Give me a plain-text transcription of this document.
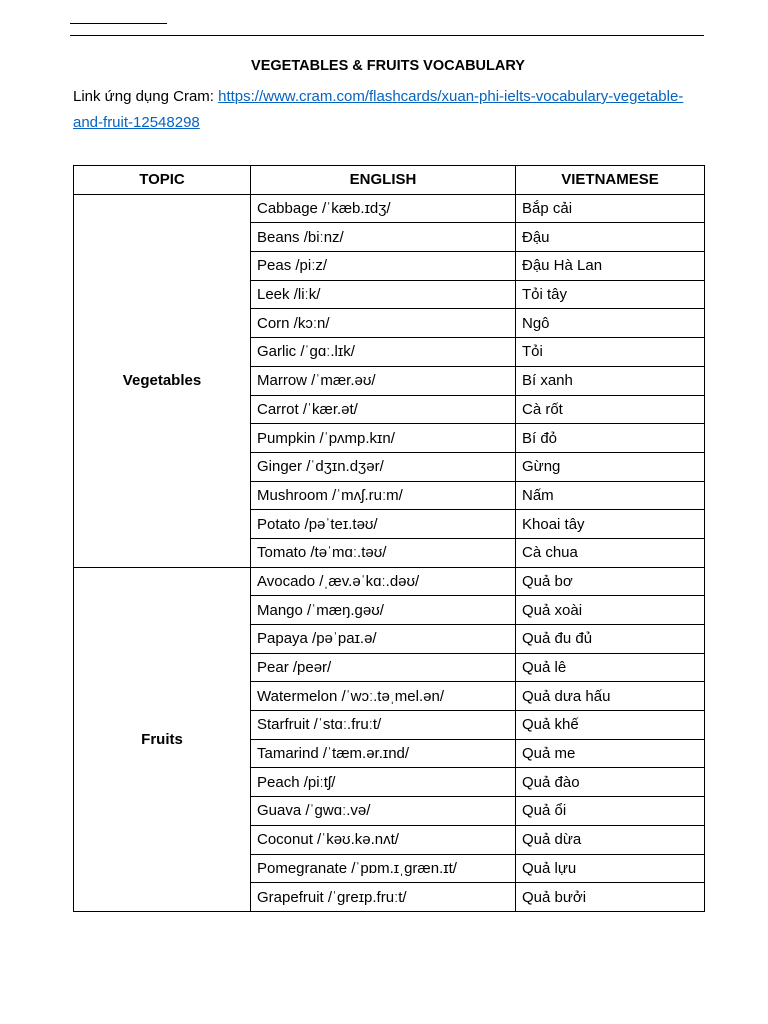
VEGETABLES & FRUITS VOCABULARY
Link ứng dụng Cram: https://www.cram.com/flashcards/xuan-phi-ielts-vocabulary-vegetable-and-fruit-12548298
TOPIC	ENGLISH	VIETNAMESE
Vegetables	Cabbage /ˈkæb.ɪdʒ/	Bắp cải
	Beans /biːnz/	Đậu
	Peas /piːz/	Đậu Hà Lan
	Leek /liːk/	Tỏi tây
	Corn /kɔːn/	Ngô
	Garlic /ˈɡɑː.lɪk/	Tỏi
	Marrow /ˈmær.əʊ/	Bí xanh
	Carrot /ˈkær.ət/	Cà rốt
	Pumpkin /ˈpʌmp.kɪn/	Bí đỏ
	Ginger /ˈdʒɪn.dʒər/	Gừng
	Mushroom /ˈmʌʃ.ruːm/	Nấm
	Potato /pəˈteɪ.təʊ/	Khoai tây
	Tomato /təˈmɑː.təʊ/	Cà chua
Fruits	Avocado /ˌæv.əˈkɑː.dəʊ/	Quả bơ
	Mango /ˈmæŋ.ɡəʊ/	Quả xoài
	Papaya /pəˈpaɪ.ə/	Quả đu đủ
	Pear /peər/	Quả lê
	Watermelon /ˈwɔː.təˌmel.ən/	Quả dưa hấu
	Starfruit /ˈstɑː.fruːt/	Quả khế
	Tamarind /ˈtæm.ər.ɪnd/	Quả me
	Peach /piːtʃ/	Quả đào
	Guava /ˈɡwɑː.və/	Quả ổi
	Coconut /ˈkəʊ.kə.nʌt/	Quả dừa
	Pomegranate /ˈpɒm.ɪˌɡræn.ɪt/	Quả lựu
	Grapefruit /ˈɡreɪp.fruːt/	Quả bưởi
